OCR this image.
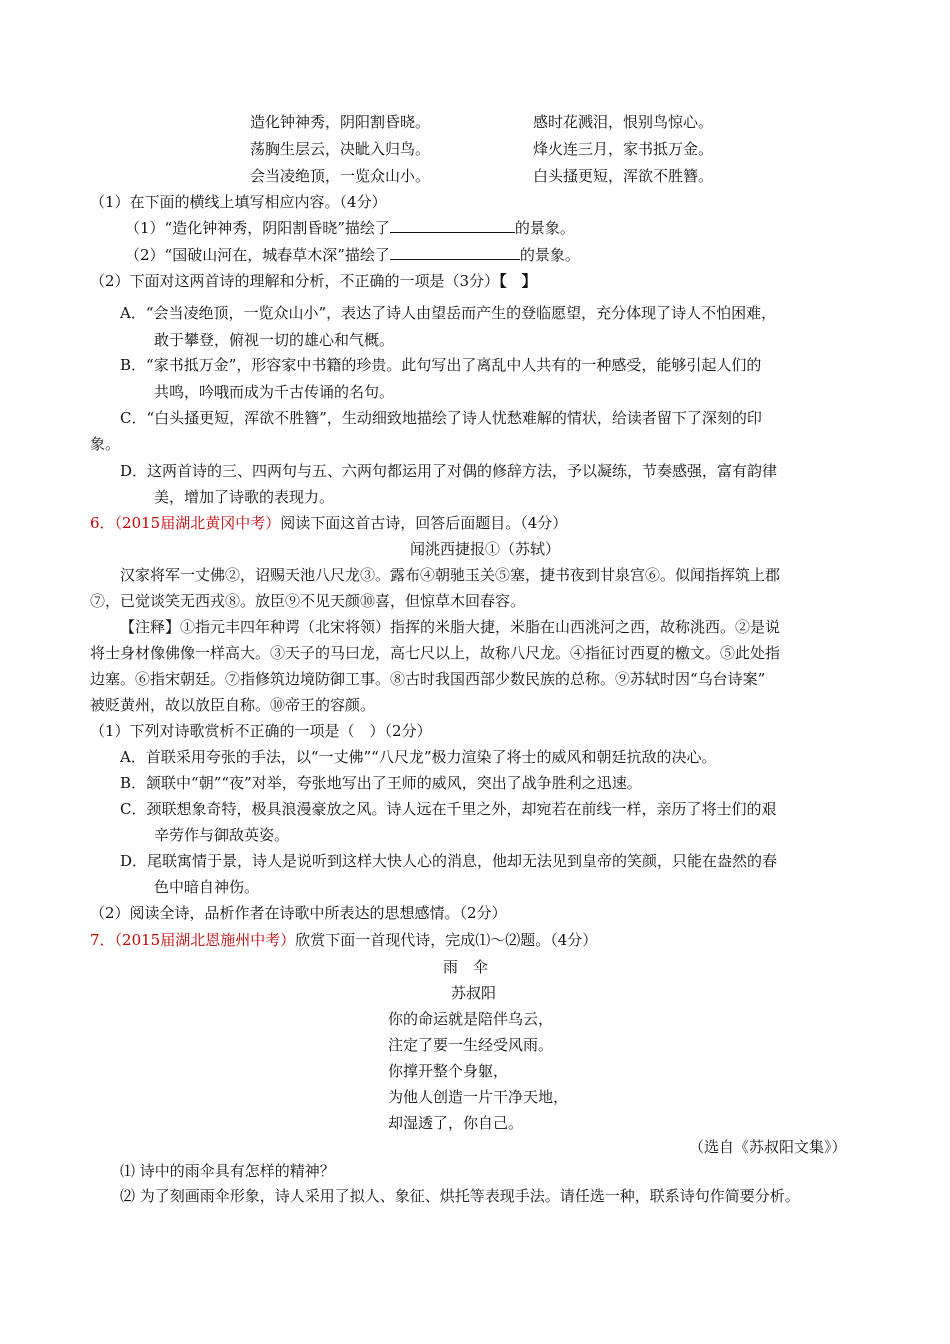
造化钟神秀，阴阳割昏晓。
荡胸生层云，决眦入归鸟。
会当凌绝顶，一览众山小。
感时花溅泪，恨别鸟惊心。
烽火连三月，家书抵万金。
白头搔更短，浑欲不胜簪。
（1）在下面的横线上填写相应内容。（4分）
（1）“造化钟神秀，阴阳割昏晓”描绘了	的景象。
（2）“国破山河在，城春草木深”描绘了	的景象。
（2）下面对这两首诗的理解和分析，不正确的一项是（3分）【　】
A．“会当凌绝顶，一览众山小”，表达了诗人由望岳而产生的登临愿望，充分体现了诗人不怕困难，
敢于攀登，俯视一切的雄心和气概。
B．“家书抵万金”，形容家中书籍的珍贵。此句写出了离乱中人共有的一种感受，能够引起人们的
共鸣，吟哦而成为千古传诵的名句。
C．“白头搔更短，浑欲不胜簪”，生动细致地描绘了诗人忧愁难解的情状，给读者留下了深刻的印
象。
D．这两首诗的三、四两句与五、六两句都运用了对偶的修辞方法，予以凝练，节奏感强，富有韵律
美，增加了诗歌的表现力。
6．（2015届湖北黄冈中考）阅读下面这首古诗，回答后面题目。（4分）
闻洮西捷报①（苏轼）
汉家将军一丈佛②，诏赐天池八尺龙③。露布④朝驰玉关⑤塞，捷书夜到甘泉宫⑥。似闻指挥筑上郡
⑦，已觉谈笑无西戎⑧。放臣⑨不见天颜⑩喜，但惊草木回春容。
【注释】①指元丰四年种谔（北宋将领）指挥的米脂大捷，米脂在山西洮河之西，故称洮西。②是说
将士身材像佛像一样高大。③天子的马曰龙，高七尺以上，故称八尺龙。④指征讨西夏的檄文。⑤此处指
边塞。⑥指宋朝廷。⑦指修筑边境防御工事。⑧古时我国西部少数民族的总称。⑨苏轼时因“乌台诗案”
被贬黄州，故以放臣自称。⑩帝王的容颜。
（1）下列对诗歌赏析不正确的一项是（　）（2分）
A．首联采用夸张的手法，以“一丈佛”“八尺龙”极力渲染了将士的威风和朝廷抗敌的决心。
B．颔联中“朝”“夜”对举，夸张地写出了王师的威风，突出了战争胜利之迅速。
C．颈联想象奇特，极具浪漫豪放之风。诗人远在千里之外，却宛若在前线一样，亲历了将士们的艰
辛劳作与御敌英姿。
D．尾联寓情于景，诗人是说听到这样大快人心的消息，他却无法见到皇帝的笑颜，只能在盎然的春
色中暗自神伤。
（2）阅读全诗，品析作者在诗歌中所表达的思想感情。（2分）
7．（2015届湖北恩施州中考）欣赏下面一首现代诗，完成⑴～⑵题。（4分）
雨　伞
苏叔阳
你的命运就是陪伴乌云，
注定了要一生经受风雨。
你撑开整个身躯，
为他人创造一片干净天地，
却湿透了，你自己。
（选自《苏叔阳文集》）
⑴ 诗中的雨伞具有怎样的精神？
⑵ 为了刻画雨伞形象，诗人采用了拟人、象征、烘托等表现手法。请任选一种，联系诗句作简要分析。
